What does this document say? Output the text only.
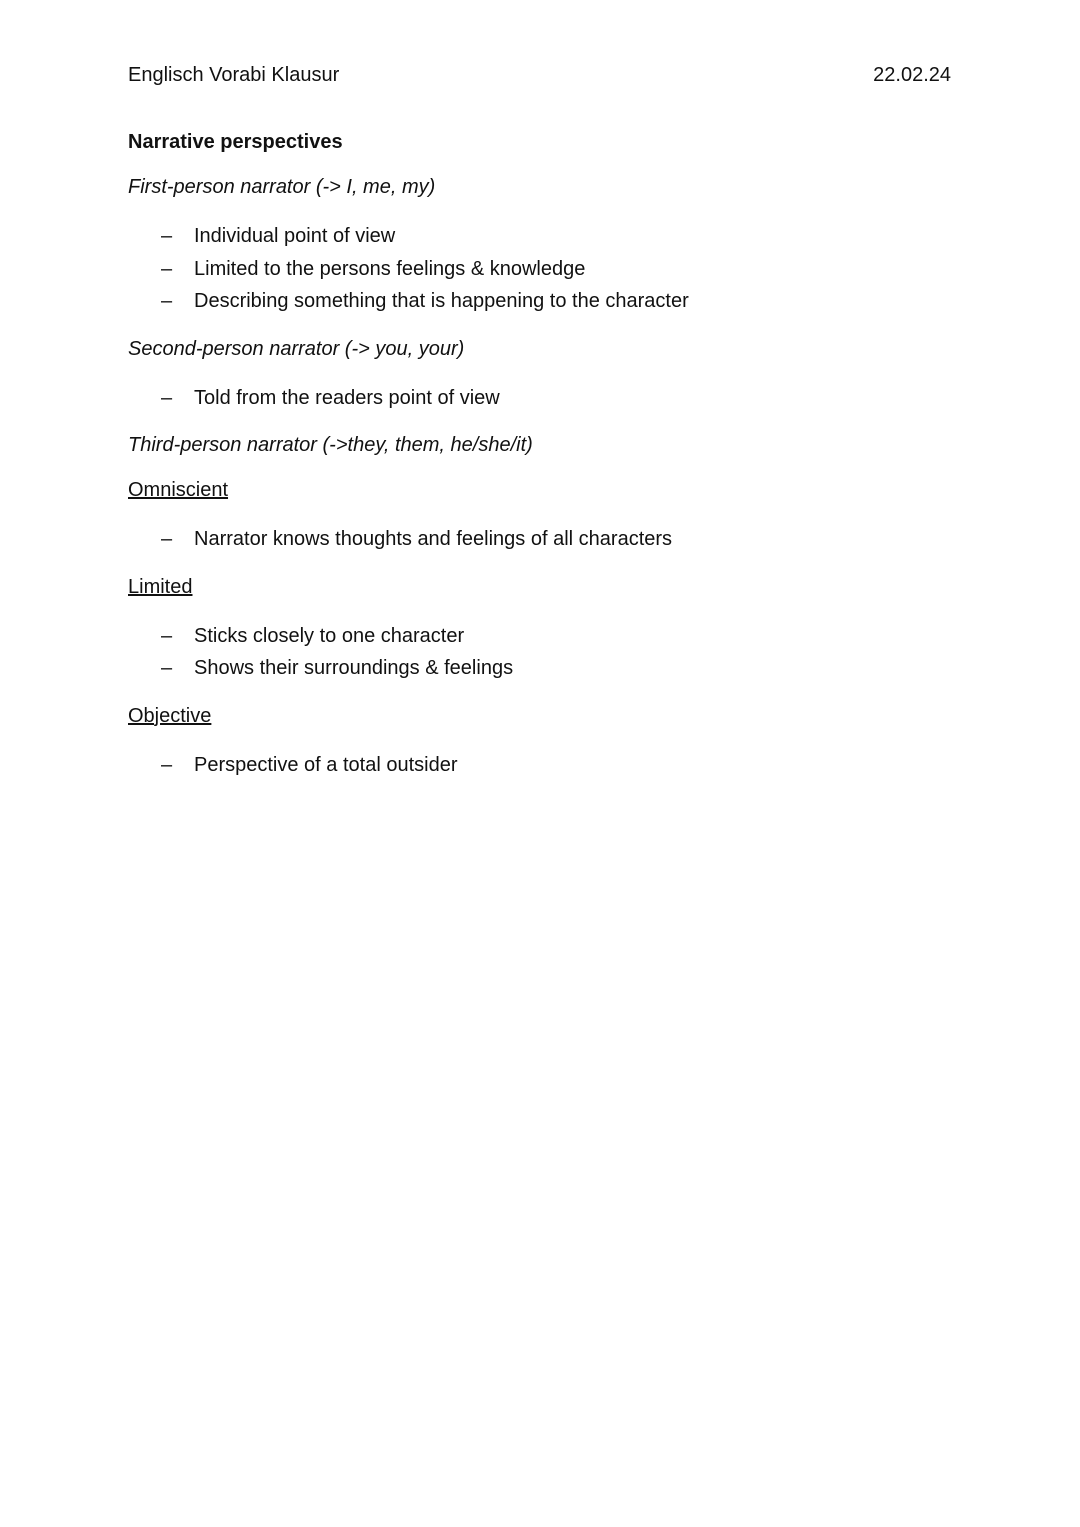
Englisch Vorabi Klausur	22.02.24

Narrative perspectives

First-person narrator (-> I, me, my)

– Individual point of view
– Limited to the persons feelings & knowledge
– Describing something that is happening to the character

Second-person narrator (-> you, your)

– Told from the readers point of view

Third-person narrator (->they, them, he/she/it)

Omniscient

– Narrator knows thoughts and feelings of all characters

Limited

– Sticks closely to one character
– Shows their surroundings & feelings

Objective

– Perspective of a total outsider
